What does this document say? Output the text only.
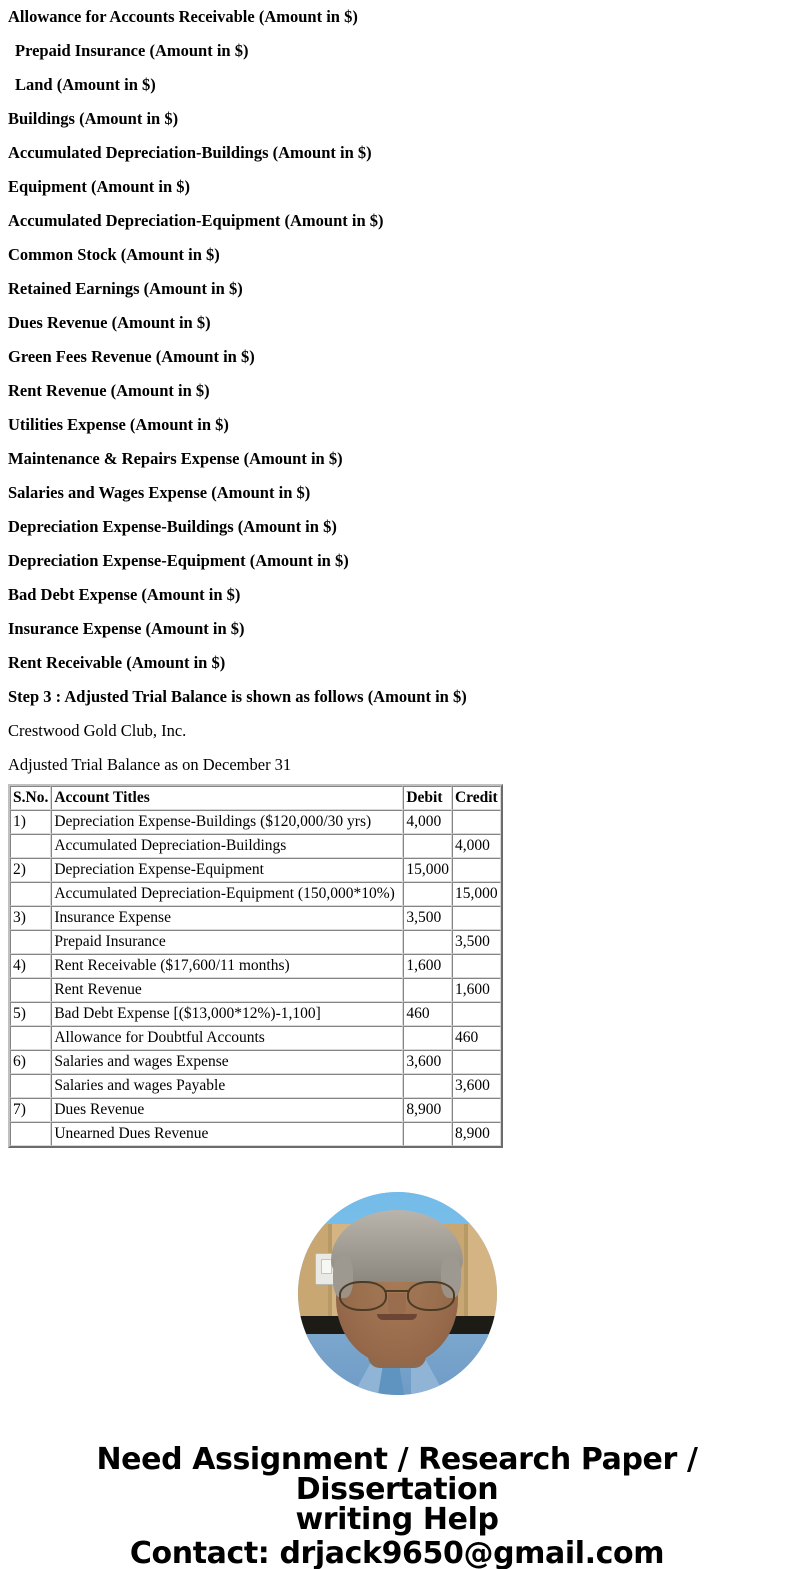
Allowance for Accounts Receivable (Amount in $)
Prepaid Insurance (Amount in $)
Land (Amount in $)
Buildings (Amount in $)
Accumulated Depreciation-Buildings (Amount in $)
Equipment (Amount in $)
Accumulated Depreciation-Equipment (Amount in $)
Common Stock (Amount in $)
Retained Earnings (Amount in $)
Dues Revenue (Amount in $)
Green Fees Revenue (Amount in $)
Rent Revenue (Amount in $)
Utilities Expense (Amount in $)
Maintenance & Repairs Expense (Amount in $)
Salaries and Wages Expense (Amount in $)
Depreciation Expense-Buildings (Amount in $)
Depreciation Expense-Equipment (Amount in $)
Bad Debt Expense (Amount in $)
Insurance Expense (Amount in $)
Rent Receivable (Amount in $)
Step 3 : Adjusted Trial Balance is shown as follows (Amount in $)
Crestwood Gold Club, Inc.
Adjusted Trial Balance as on December 31
S.No.	Account Titles	Debit	Credit
1)	Depreciation Expense-Buildings ($120,000/30 yrs)	4,000	
	Accumulated Depreciation-Buildings		4,000
2)	Depreciation Expense-Equipment	15,000	
	Accumulated Depreciation-Equipment (150,000*10%)		15,000
3)	Insurance Expense	3,500	
	Prepaid Insurance		3,500
4)	Rent Receivable ($17,600/11 months)	1,600	
	Rent Revenue		1,600
5)	Bad Debt Expense [($13,000*12%)-1,100]	460	
	Allowance for Doubtful Accounts		460
6)	Salaries and wages Expense	3,600	
	Salaries and wages Payable		3,600
7)	Dues Revenue	8,900	
	Unearned Dues Revenue		8,900
Need Assignment / Research Paper / Dissertation
writing Help
Contact: drjack9650@gmail.com
